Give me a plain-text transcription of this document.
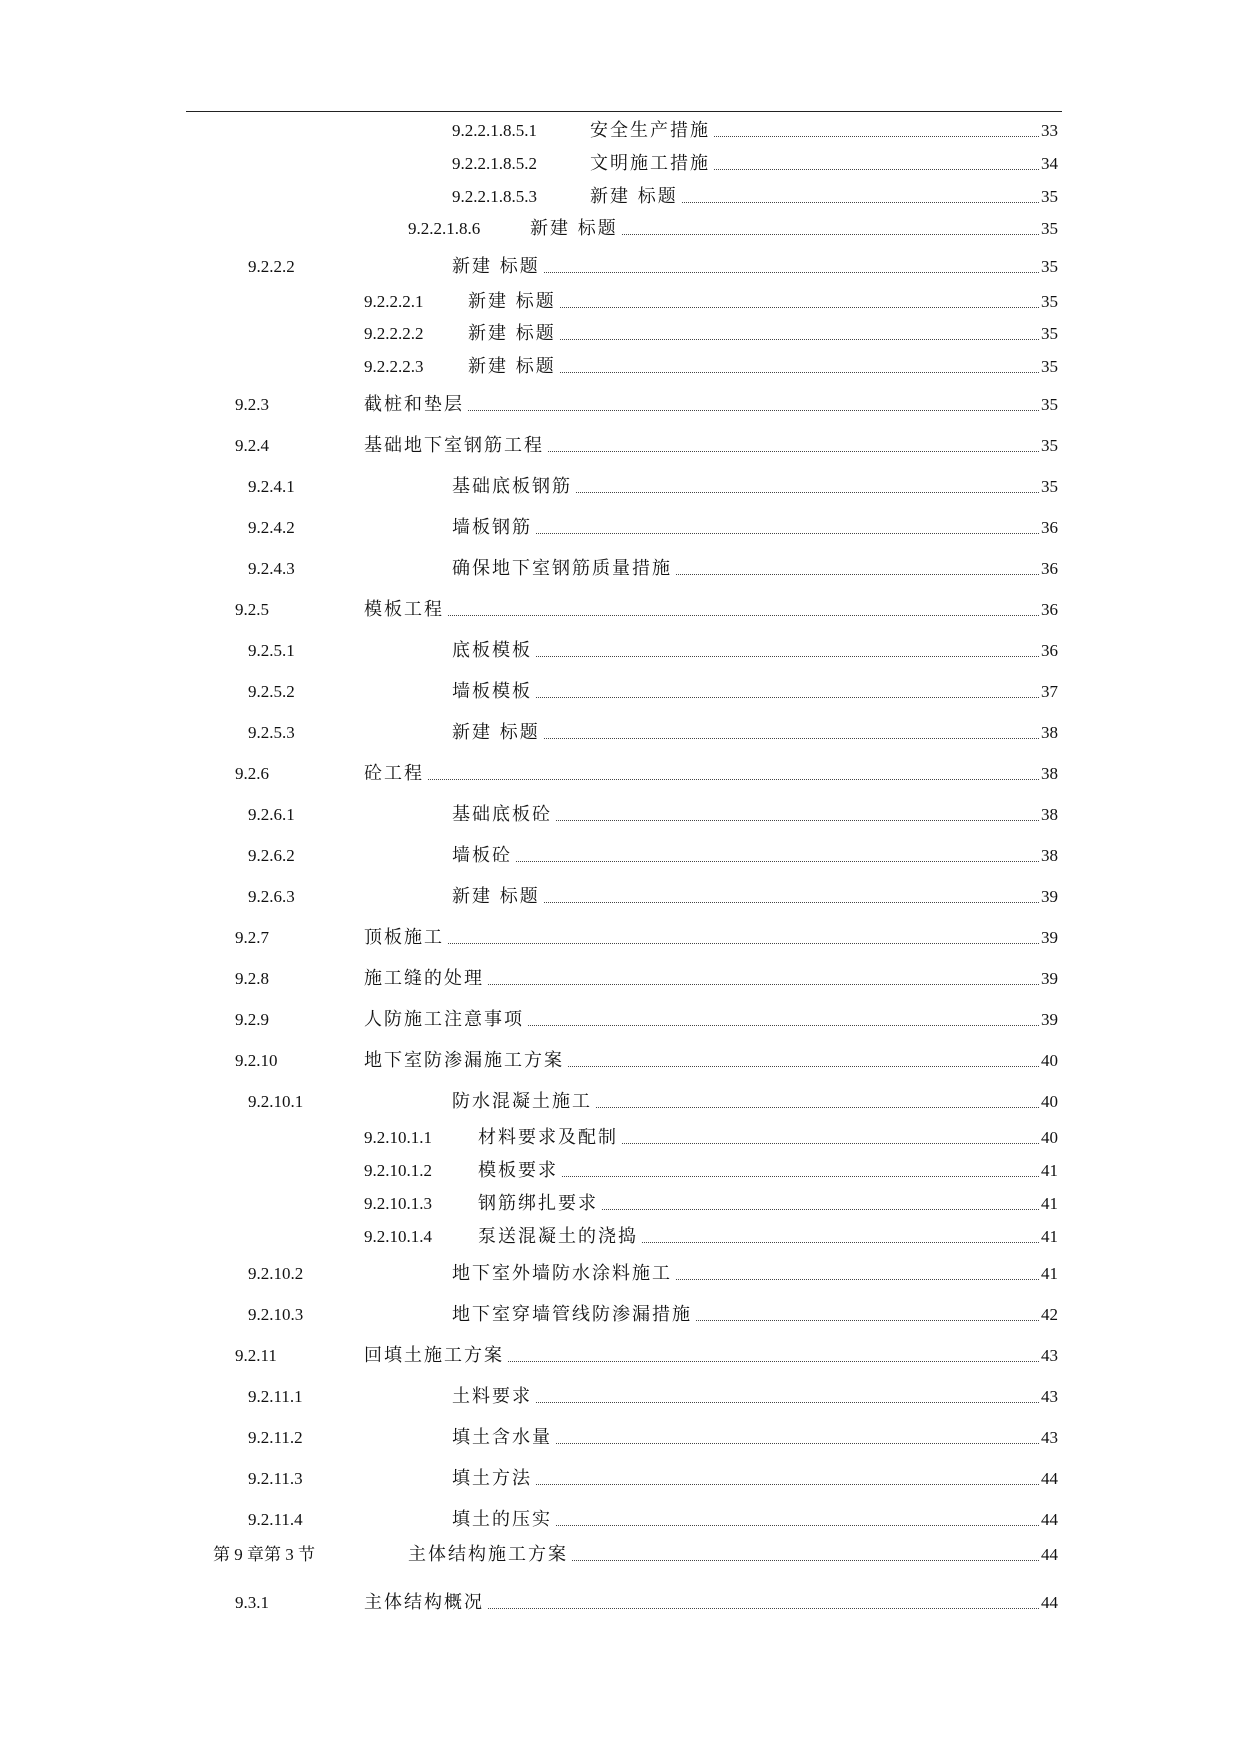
9.2.2.1.8.5.1	安全生产措施	33
9.2.2.1.8.5.2	文明施工措施	34
9.2.2.1.8.5.3	新建 标题	35
9.2.2.1.8.6	新建 标题	35
9.2.2.2	新建 标题	35
9.2.2.2.1 新建 标题	35
9.2.2.2.2 新建 标题	35
9.2.2.2.3 新建 标题	35
9.2.3	截桩和垫层	35
9.2.4	基础地下室钢筋工程	35
9.2.4.1	基础底板钢筋	35
9.2.4.2	墙板钢筋	36
9.2.4.3	确保地下室钢筋质量措施	36
9.2.5	模板工程	36
9.2.5.1	底板模板	36
9.2.5.2	墙板模板	37
9.2.5.3	新建 标题	38
9.2.6	砼工程	38
9.2.6.1	基础底板砼	38
9.2.6.2	墙板砼	38
9.2.6.3	新建 标题	39
9.2.7	顶板施工	39
9.2.8	施工缝的处理	39
9.2.9	人防施工注意事项	39
9.2.10	地下室防渗漏施工方案	40
9.2.10.1	防水混凝土施工	40
9.2.10.1.1	材料要求及配制	40
9.2.10.1.2	模板要求	41
9.2.10.1.3	钢筋绑扎要求	41
9.2.10.1.4	泵送混凝土的浇捣	41
9.2.10.2	地下室外墙防水涂料施工	41
9.2.10.3	地下室穿墙管线防渗漏措施	42
9.2.11	回填土施工方案	43
9.2.11.1	土料要求	43
9.2.11.2	填土含水量	43
9.2.11.3	填土方法	44
9.2.11.4	填土的压实	44
第 9 章第 3 节	主体结构施工方案	44
9.3.1	主体结构概况	44
